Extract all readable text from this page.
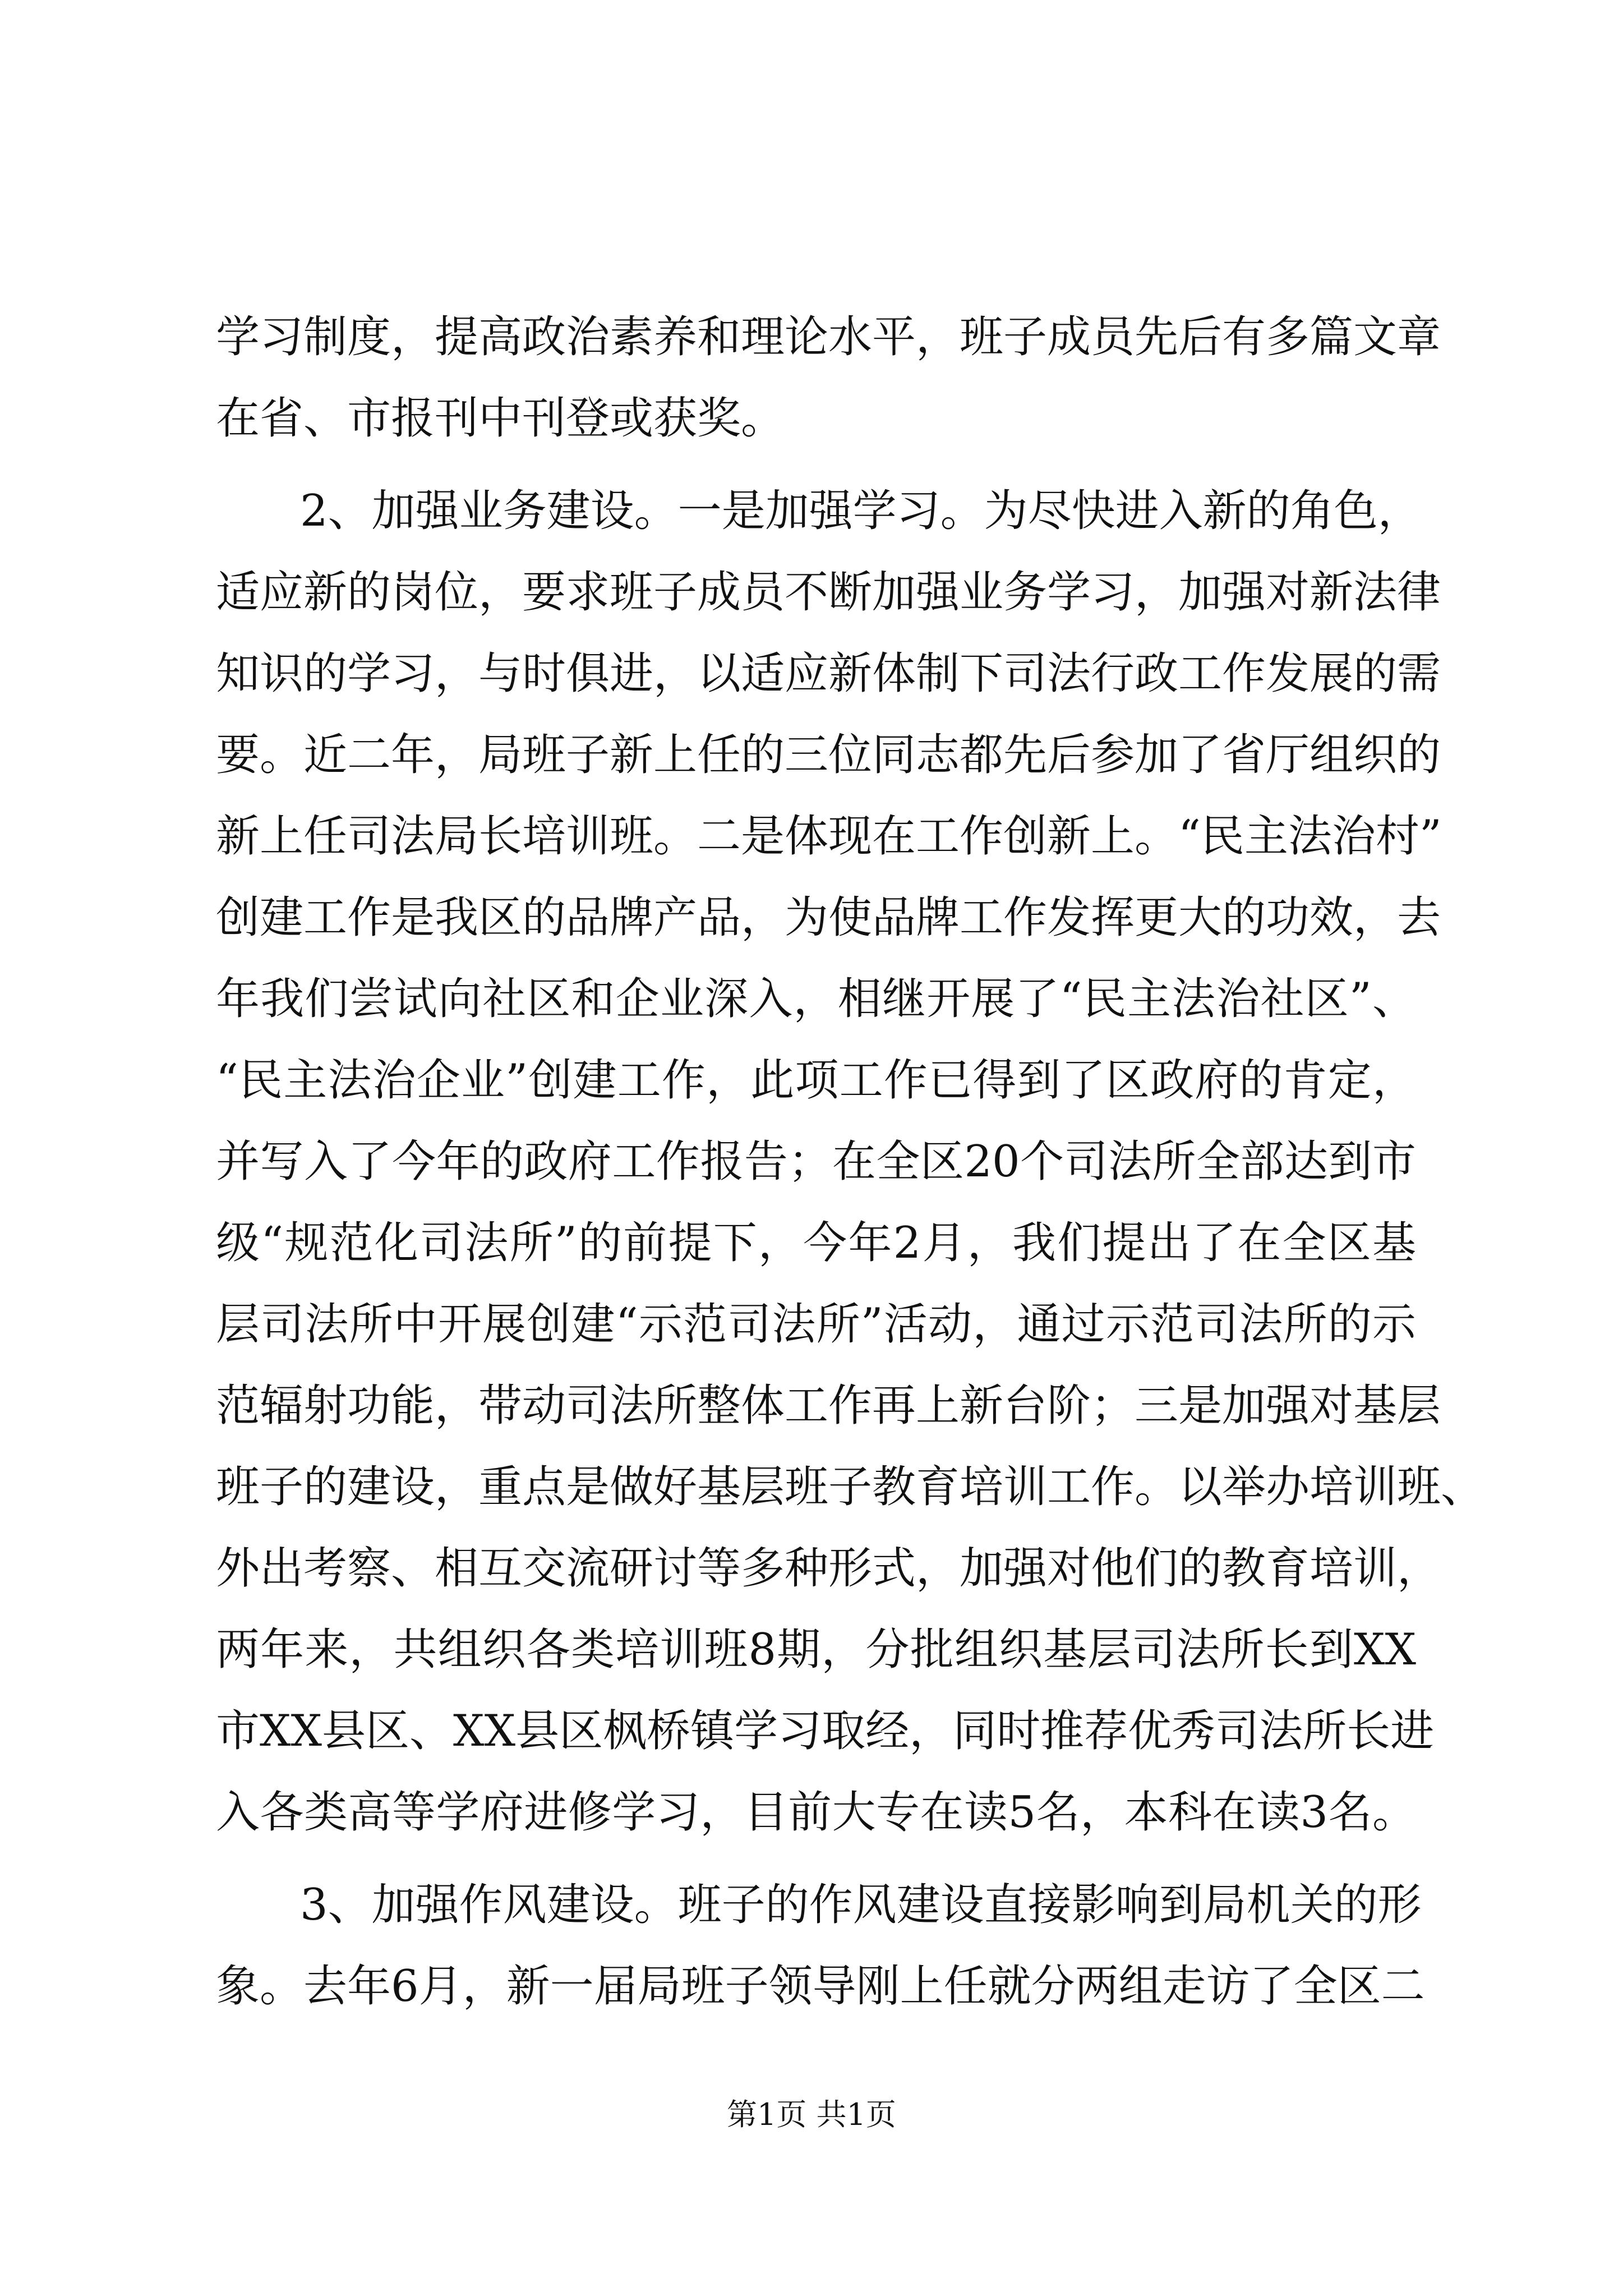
学习制度，提高政治素养和理论水平，班子成员先后有多篇文章
在省、市报刊中刊登或获奖。
2、加强业务建设。一是加强学习。为尽快进入新的角色，
适应新的岗位，要求班子成员不断加强业务学习，加强对新法律
知识的学习，与时俱进，以适应新体制下司法行政工作发展的需
要。近二年，局班子新上任的三位同志都先后参加了省厅组织的
新上任司法局长培训班。二是体现在工作创新上。“民主法治村”
创建工作是我区的品牌产品，为使品牌工作发挥更大的功效，去
年我们尝试向社区和企业深入，相继开展了“民主法治社区”、
“民主法治企业”创建工作，此项工作已得到了区政府的肯定，
并写入了今年的政府工作报告；在全区20个司法所全部达到市
级“规范化司法所”的前提下，今年2月，我们提出了在全区基
层司法所中开展创建“示范司法所”活动，通过示范司法所的示
范辐射功能，带动司法所整体工作再上新台阶；三是加强对基层
班子的建设，重点是做好基层班子教育培训工作。以举办培训班、
外出考察、相互交流研讨等多种形式，加强对他们的教育培训，
两年来，共组织各类培训班8期，分批组织基层司法所长到XX
市XX县区、XX县区枫桥镇学习取经，同时推荐优秀司法所长进
入各类高等学府进修学习，目前大专在读5名，本科在读3名。
3、加强作风建设。班子的作风建设直接影响到局机关的形
象。去年6月，新一届局班子领导刚上任就分两组走访了全区二
第1页 共1页
